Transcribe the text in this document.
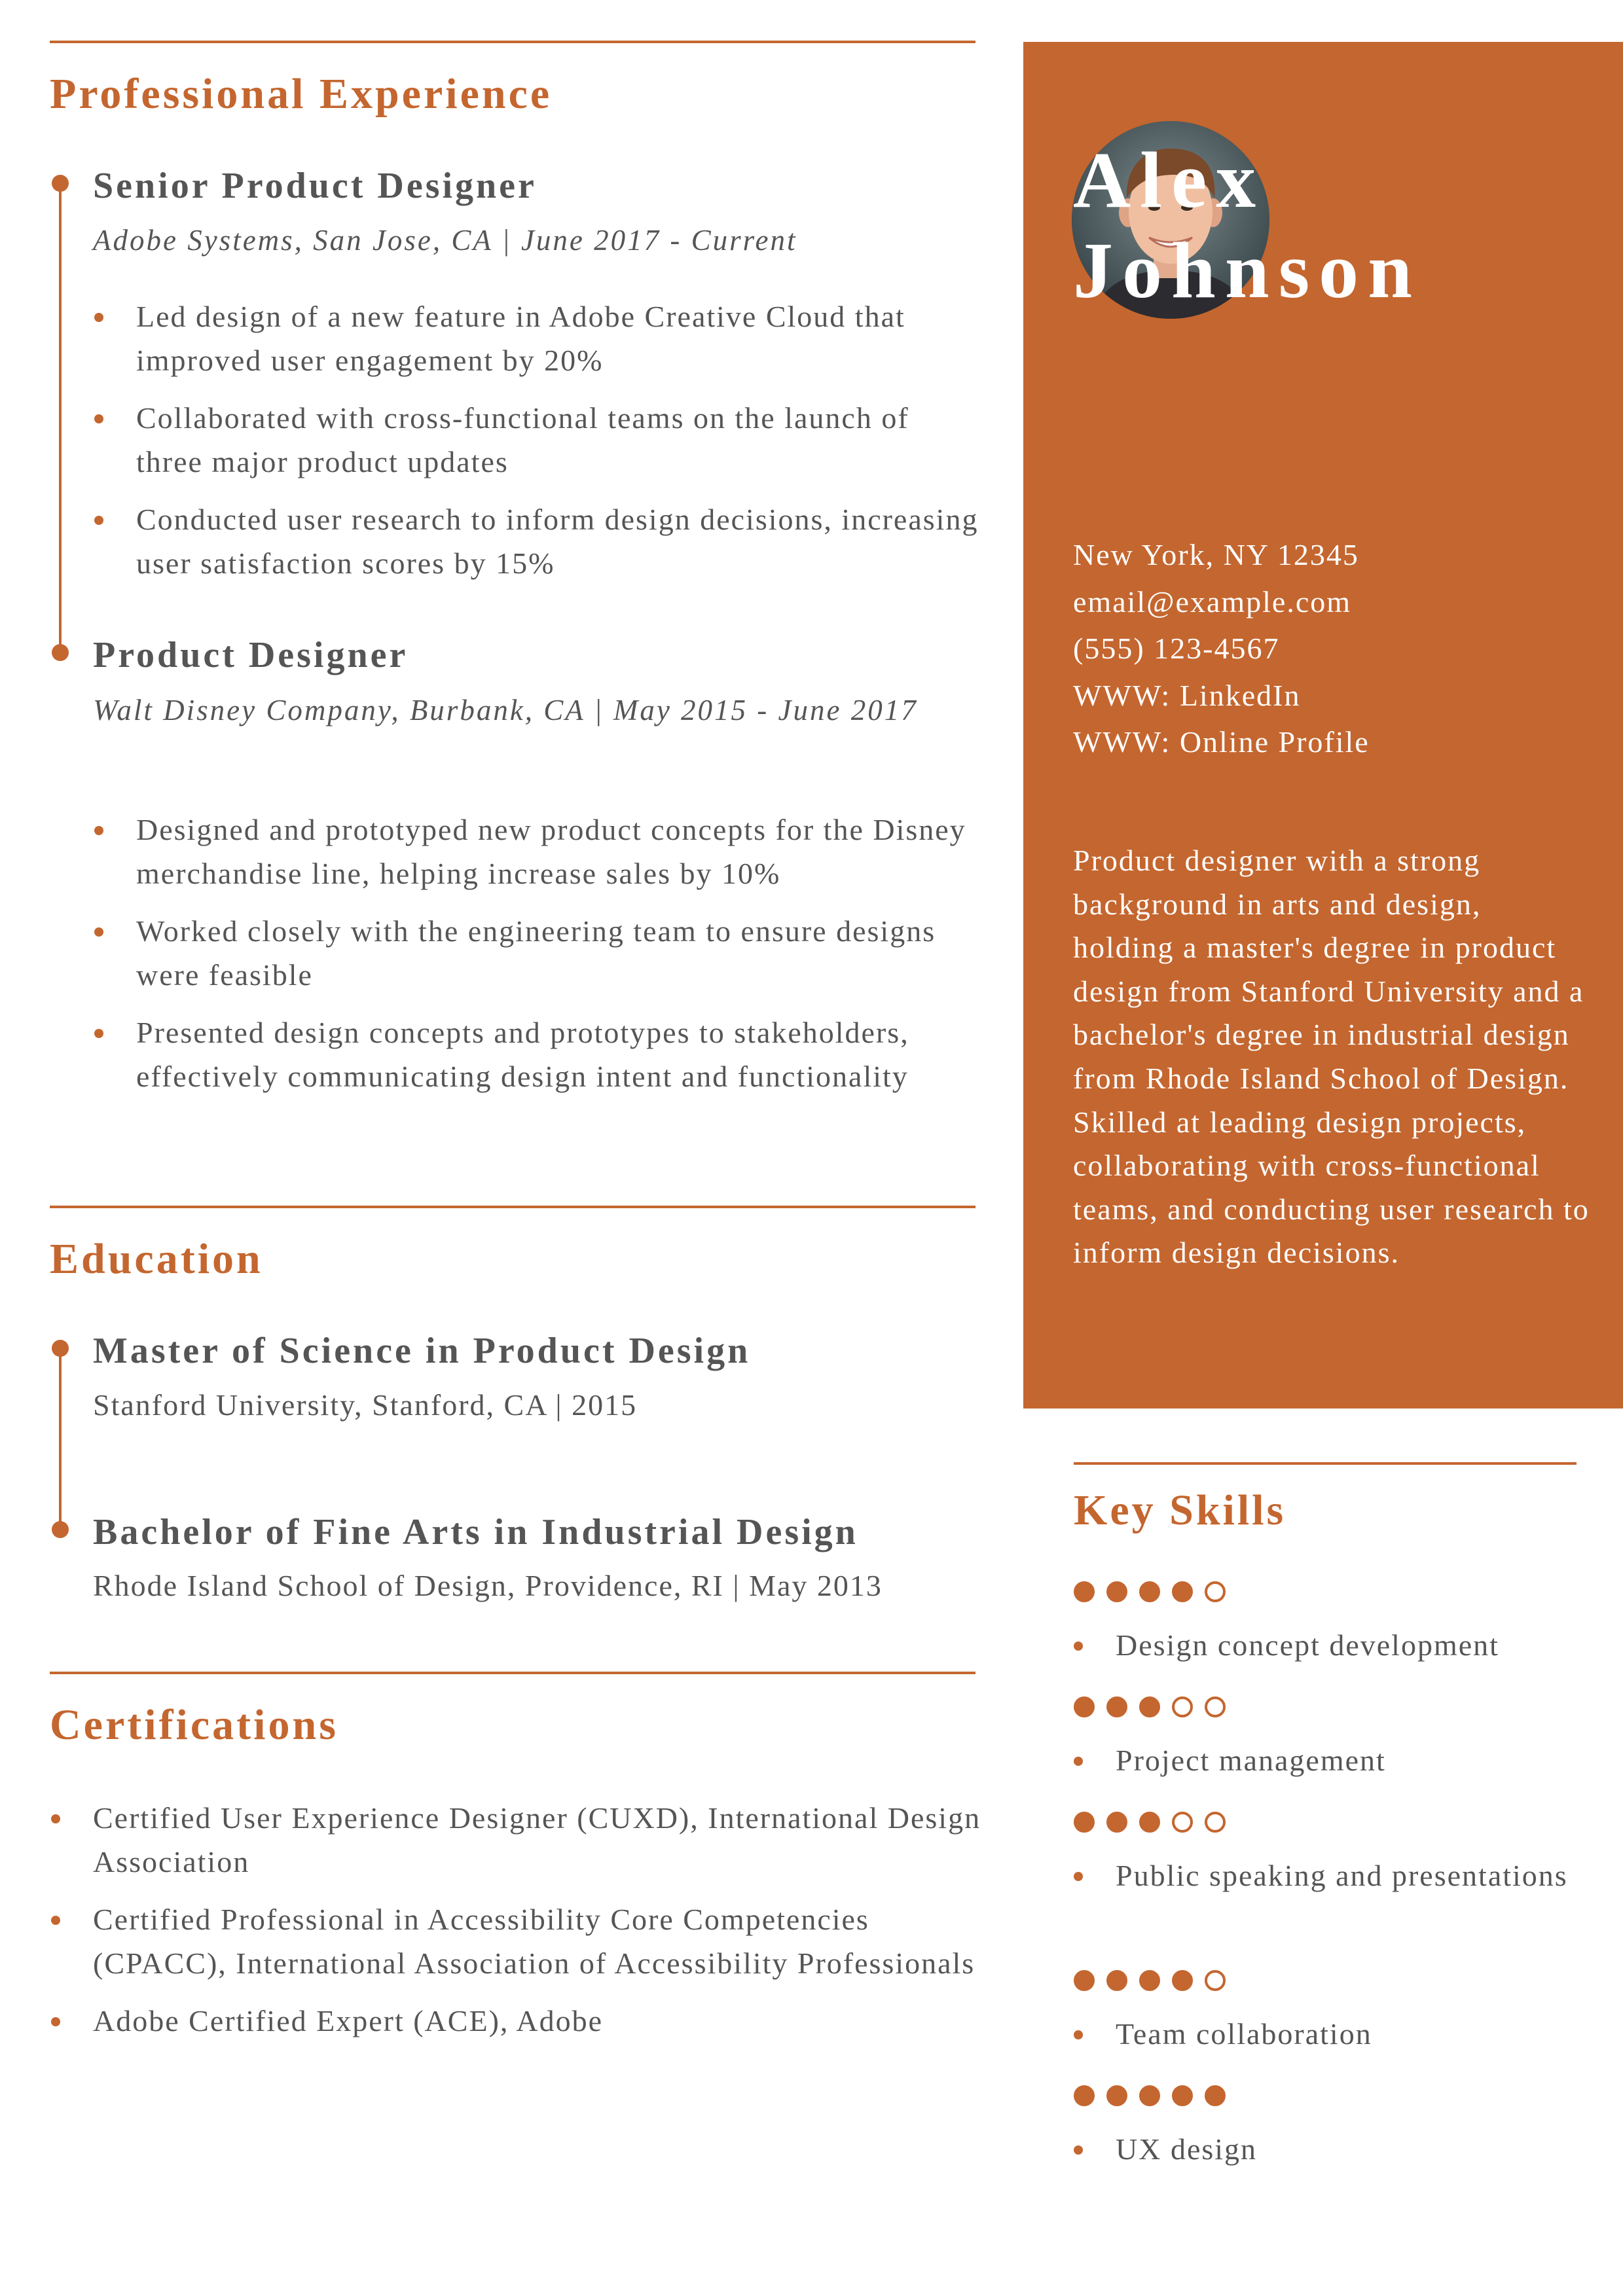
Professional Experience
Senior Product Designer

Adobe Systems, San Jose, CA | June 2017 - Current

Led design of a new feature in Adobe Creative Cloud that improved user engagement by 20%
Collaborated with cross-functional teams on the launch of three major product updates
Conducted user research to inform design decisions, increasing user satisfaction scores by 15%
Product Designer

Walt Disney Company, Burbank, CA | May 2015 - June 2017

Designed and prototyped new product concepts for the Disney merchandise line, helping increase sales by 10%
Worked closely with the engineering team to ensure designs were feasible
Presented design concepts and prototypes to stakeholders, effectively communicating design intent and functionality
Education
Master of Science in Product Design

Stanford University, Stanford, CA | 2015

Bachelor of Fine Arts in Industrial Design

Rhode Island School of Design, Providence, RI | May 2013

Certifications
Certified User Experience Designer (CUXD), International Design Association
Certified Professional in Accessibility Core Competencies (CPACC), International Association of Accessibility Professionals
Adobe Certified Expert (ACE), Adobe
Alex
Johnson
New York, NY 12345
email@example.com
(555) 123-4567
WWW: LinkedIn
WWW: Online Profile

Product designer with a strong background in arts and design, holding a master's degree in product design from Stanford University and a bachelor's degree in industrial design from Rhode Island School of Design. Skilled at leading design projects, collaborating with cross-functional teams, and conducting user research to inform design decisions.

Key Skills

Design concept development

Project management

Public speaking and presentations

Team collaboration

UX design
